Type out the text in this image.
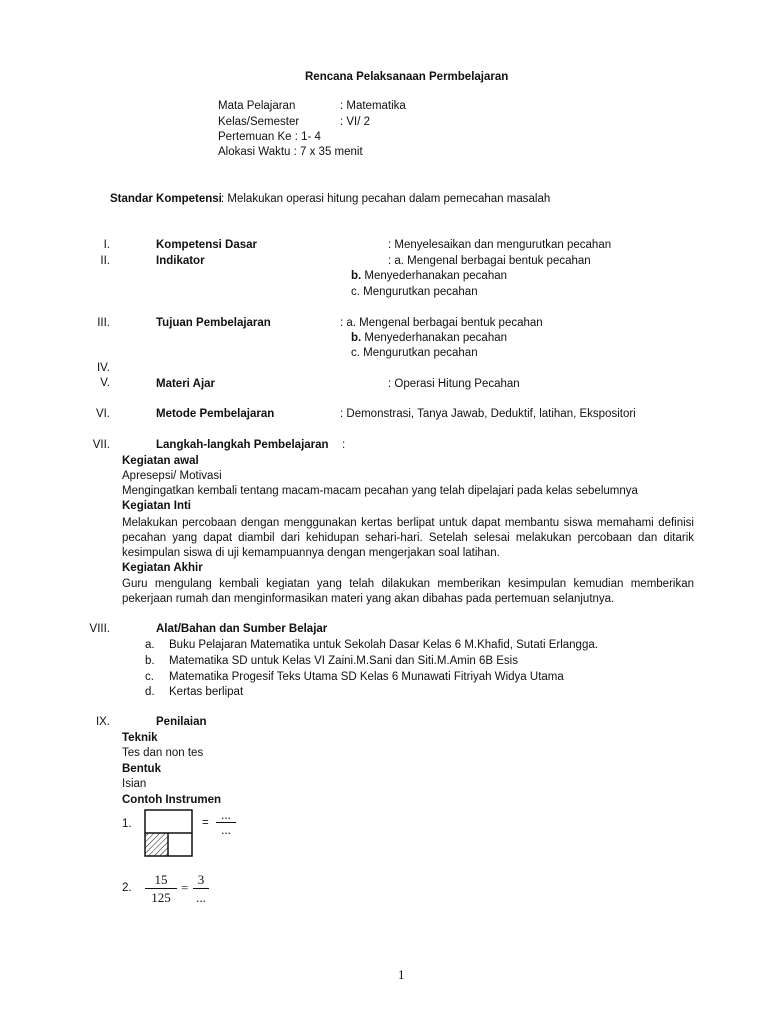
Rencana Pelaksanaan Permbelajaran
Mata Pelajaran	: Matematika
Kelas/Semester	: VI/ 2
Pertemuan Ke : 1- 4
Alokasi Waktu : 7 x 35 menit
Standar Kompetensi : Melakukan operasi hitung pecahan dalam pemecahan masalah
I.	Kompetensi Dasar	: Menyelesaikan dan mengurutkan pecahan
II.	Indikator	: a. Mengenal berbagai bentuk pecahan
b. Menyederhanakan pecahan
c. Mengurutkan pecahan
III.	Tujuan Pembelajaran	: a. Mengenal berbagai bentuk pecahan
b. Menyederhanakan pecahan
c. Mengurutkan pecahan
IV.
V.	Materi Ajar	: Operasi Hitung Pecahan
VI.	Metode Pembelajaran	: Demonstrasi, Tanya Jawab, Deduktif, latihan, Ekspositori
VII.	Langkah-langkah Pembelajaran :
Kegiatan awal
Apresepsi/ Motivasi
Mengingatkan kembali tentang macam-macam pecahan yang telah dipelajari pada kelas sebelumnya
Kegiatan Inti
Melakukan percobaan dengan menggunakan kertas berlipat untuk dapat membantu siswa memahami definisi pecahan yang dapat diambil dari kehidupan sehari-hari. Setelah selesai melakukan percobaan dan ditarik kesimpulan siswa di uji kemampuannya dengan mengerjakan soal latihan.
Kegiatan Akhir
Guru mengulang kembali kegiatan yang telah dilakukan memberikan kesimpulan kemudian memberikan pekerjaan rumah dan menginformasikan materi yang akan dibahas pada pertemuan selanjutnya.
VIII.	Alat/Bahan dan Sumber Belajar
a. Buku Pelajaran Matematika untuk Sekolah Dasar Kelas 6 M.Khafid, Sutati Erlangga.
b. Matematika SD untuk Kelas VI Zaini.M.Sani dan Siti.M.Amin 6B Esis
c. Matematika Progesif Teks Utama SD Kelas 6 Munawati Fitriyah Widya Utama
d. Kertas berlipat
IX.	Penilaian
Teknik
Tes dan non tes
Bentuk
Isian
Contoh Instrumen
1.	=
...
...
2.
15
125
=
3
...
1
